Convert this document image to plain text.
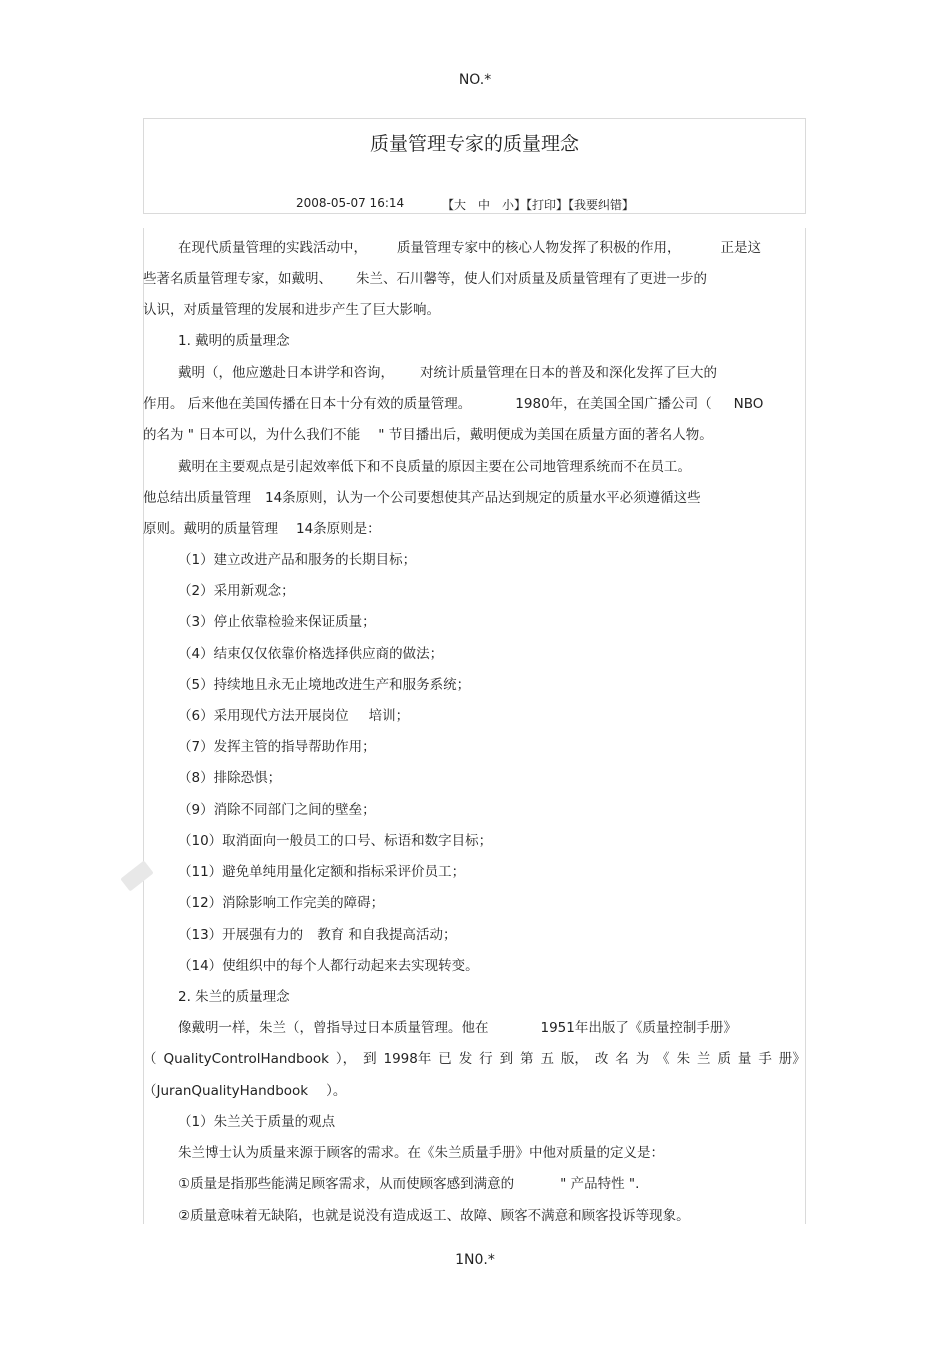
NO.*
质量管理专家的质量理念
2008-05-07 16:14	【大　中　小】【打印】【我要纠错】
在现代质量管理的实践活动中， 质量管理专家中的核心人物发挥了积极的作用，	正是这
些著名质量管理专家，如戴明、 朱兰、石川馨等，使人们对质量及质量管理有了更进一步的
认识，对质量管理的发展和进步产生了巨大影响。
1. 戴明的质量理念
戴明（，他应邀赴日本讲学和咨询， 对统计质量管理在日本的普及和深化发挥了巨大的
作用。 后来他在美国传播在日本十分有效的质量管理。	1980年，在美国全国广播公司（ NBO
的名为 " 日本可以，为什么我们不能 " 节目播出后，戴明便成为美国在质量方面的著名人物。
戴明在主要观点是引起效率低下和不良质量的原因主要在公司地管理系统而不在员工。
他总结出质量管理 14条原则，认为一个公司要想使其产品达到规定的质量水平必须遵循这些
原则。戴明的质量管理 14条原则是：
（1）建立改进产品和服务的长期目标；
（2）采用新观念；
（3）停止依靠检验来保证质量；
（4）结束仅仅依靠价格选择供应商的做法；
（5）持续地且永无止境地改进生产和服务系统；
（6）采用现代方法开展岗位 培训；
（7）发挥主管的指导帮助作用；
（8）排除恐惧；
（9）消除不同部门之间的壁垒；
（10）取消面向一般员工的口号、标语和数字目标；
（11）避免单纯用量化定额和指标采评价员工；
（12）消除影响工作完美的障碍；
（13）开展强有力的 教育 和自我提高活动；
（14）使组织中的每个人都行动起来去实现转变。
2. 朱兰的质量理念
像戴明一样，朱兰（，曾指导过日本质量管理。他在	1951年出版了《质量控制手册》
（ QualityControlHandbook ）， 到 1998年 已 发 行 到 第 五 版， 改 名 为 《 朱 兰 质 量 手 册》
（JuranQualityHandbook ）。
（1）朱兰关于质量的观点
朱兰博士认为质量来源于顾客的需求。在《朱兰质量手册》中他对质量的定义是：
①质量是指那些能满足顾客需求，从而使顾客感到满意的	" 产品特性 ".
②质量意味着无缺陷，也就是说没有造成返工、故障、顾客不满意和顾客投诉等现象。
1N0.*
